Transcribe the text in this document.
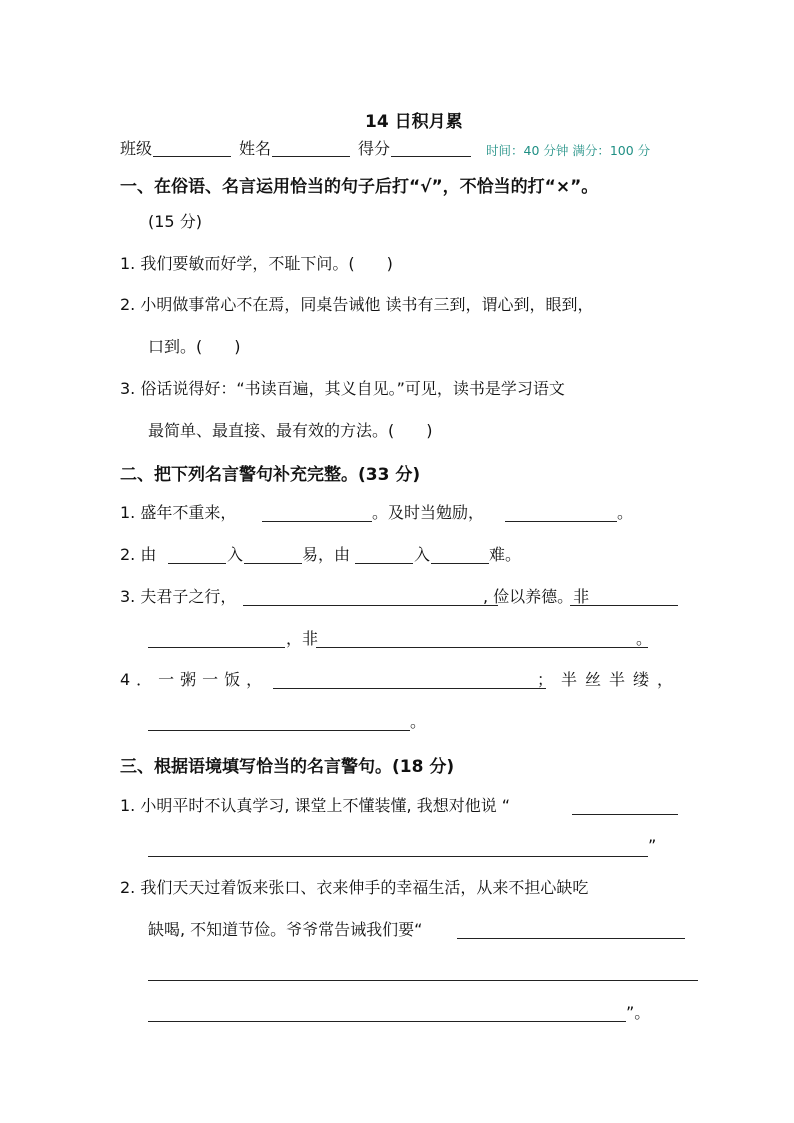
14 日积月累
班级	姓名	得分	时间：40 分钟 满分：100 分
一、在俗语、名言运用恰当的句子后打“√”，不恰当的打“×”。
(15 分)
1. 我们要敏而好学，不耻下问。(　　)
2. 小明做事常心不在焉，同桌告诫他 读书有三到，谓心到，眼到，
口到。(　　)
3. 俗话说得好：“书读百遍，其义自见。”可见，读书是学习语文
最简单、最直接、最有效的方法。(　　)
二、把下列名言警句补充完整。(33 分)
1. 盛年不重来，	。及时当勉励，	。
2. 由	入	易，由	入	难。
3. 夫君子之行，	, 俭以养德。非
，非	。
4．一粥一饭，	；半丝半缕，
。
三、根据语境填写恰当的名言警句。(18 分)
1. 小明平时不认真学习, 课堂上不懂装懂, 我想对他说 “
”
2. 我们天天过着饭来张口、衣来伸手的幸福生活，从来不担心缺吃
缺喝, 不知道节俭。爷爷常告诫我们要“
”。
